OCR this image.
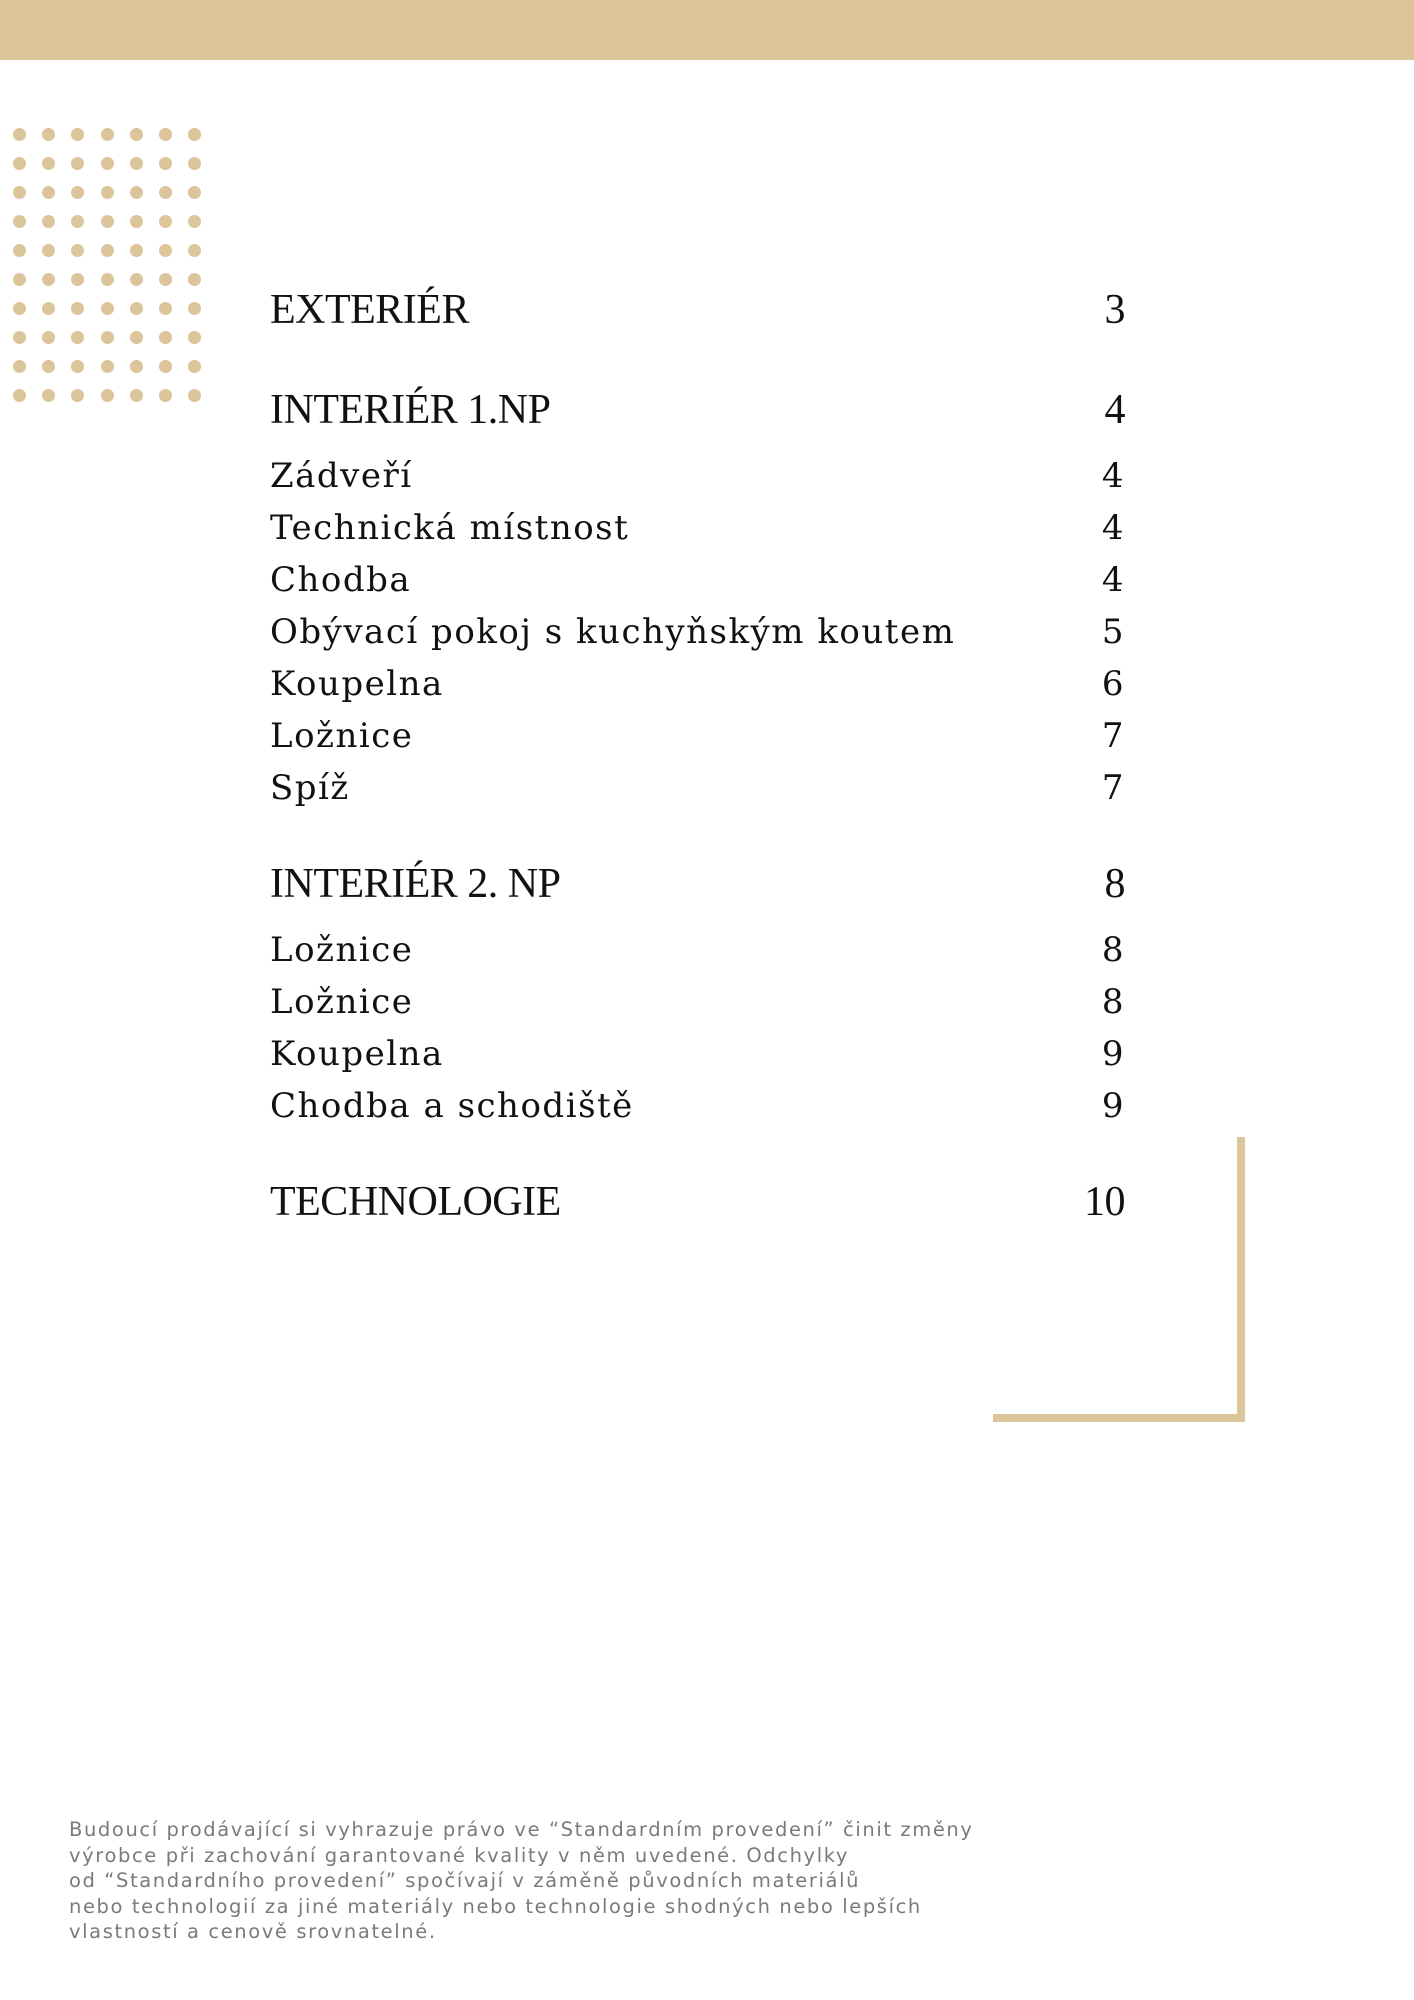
EXTERIÉR	3
INTERIÉR 1.NP	4
Zádveří	4
Technická místnost	4
Chodba	4
Obývací pokoj s kuchyňským koutem	5
Koupelna	6
Ložnice	7
Spíž	7
INTERIÉR 2. NP	8
Ložnice	8
Ložnice	8
Koupelna	9
Chodba a schodiště	9
TECHNOLOGIE	10
Budoucí prodávající si vyhrazuje právo ve “Standardním provedení” činit změny
výrobce při zachování garantované kvality v něm uvedené. Odchylky
od “Standardního provedení” spočívají v záměně původních materiálů
nebo technologií za jiné materiály nebo technologie shodných nebo lepších
vlastností a cenově srovnatelné.
